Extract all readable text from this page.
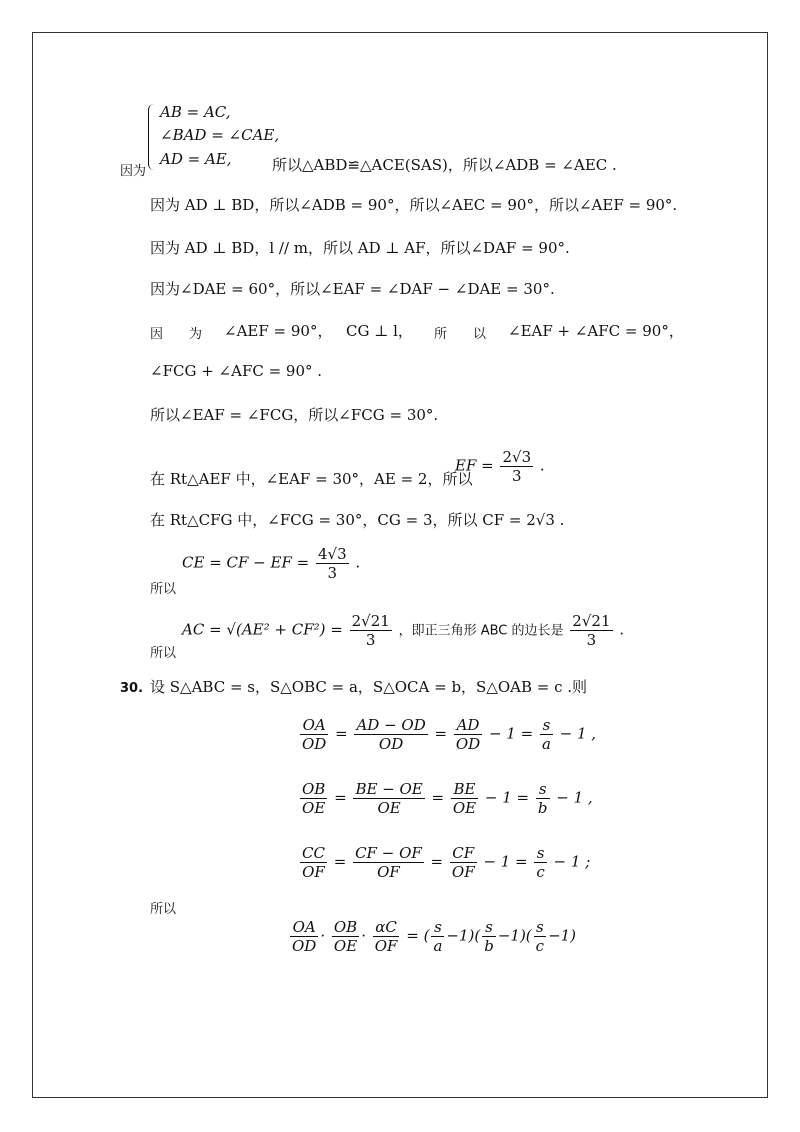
AB = AC,
∠BAD = ∠CAE,
AD = AE,
因为	所以△ABD≌△ACE(SAS)，所以∠ADB = ∠AEC .
因为 AD ⊥ BD，所以∠ADB = 90°，所以∠AEC = 90°，所以∠AEF = 90°.
因为 AD ⊥ BD，l // m，所以 AD ⊥ AF，所以∠DAF = 90°.
因为∠DAE = 60°，所以∠EAF = ∠DAF − ∠DAE = 30°.
因　　为 ∠AEF = 90°， CG ⊥ l， 所　　以 ∠EAF + ∠AFC = 90°，
∠FCG + ∠AFC = 90° .
所以∠EAF = ∠FCG，所以∠FCG = 30°.
在 Rt△AEF 中，∠EAF = 30°，AE = 2，所以
EF = $\frac{2√3}{3}$ .
在 Rt△CFG 中，∠FCG = 30°，CG = 3，所以 CF = 2√3 .
所以
CE = CF − EF = $\frac{4√3}{3}$ .
所以
AC = $√(AE^2 + CF^2) = \frac{2√21}{3}$ ，即正三角形 ABC 的边长是 $\frac{2√21}{3}$ .
30. 设 S△ABC = s，S△OBC = a，S△OCA = b，S△OAB = c .则
$\frac{OA}{OD} = \frac{AD - OD}{OD} = \frac{AD}{OD} - 1 = \frac{s}{a} - 1$ ,
$\frac{OB}{OE} = \frac{BE - OE}{OE} = \frac{BE}{OE} - 1 = \frac{s}{b} - 1$ ,
$\frac{CC}{OF} = \frac{CF - OF}{OF} = \frac{CF}{OF} - 1 = \frac{s}{c} - 1$ ;
所以
$\frac{OA}{OD} \cdot \frac{OB}{OE} \cdot \frac{\alpha C}{OF}$ = ( $\frac{s}{a} -1)( \frac{s}{b} -1)( \frac{s}{c} -1)$
